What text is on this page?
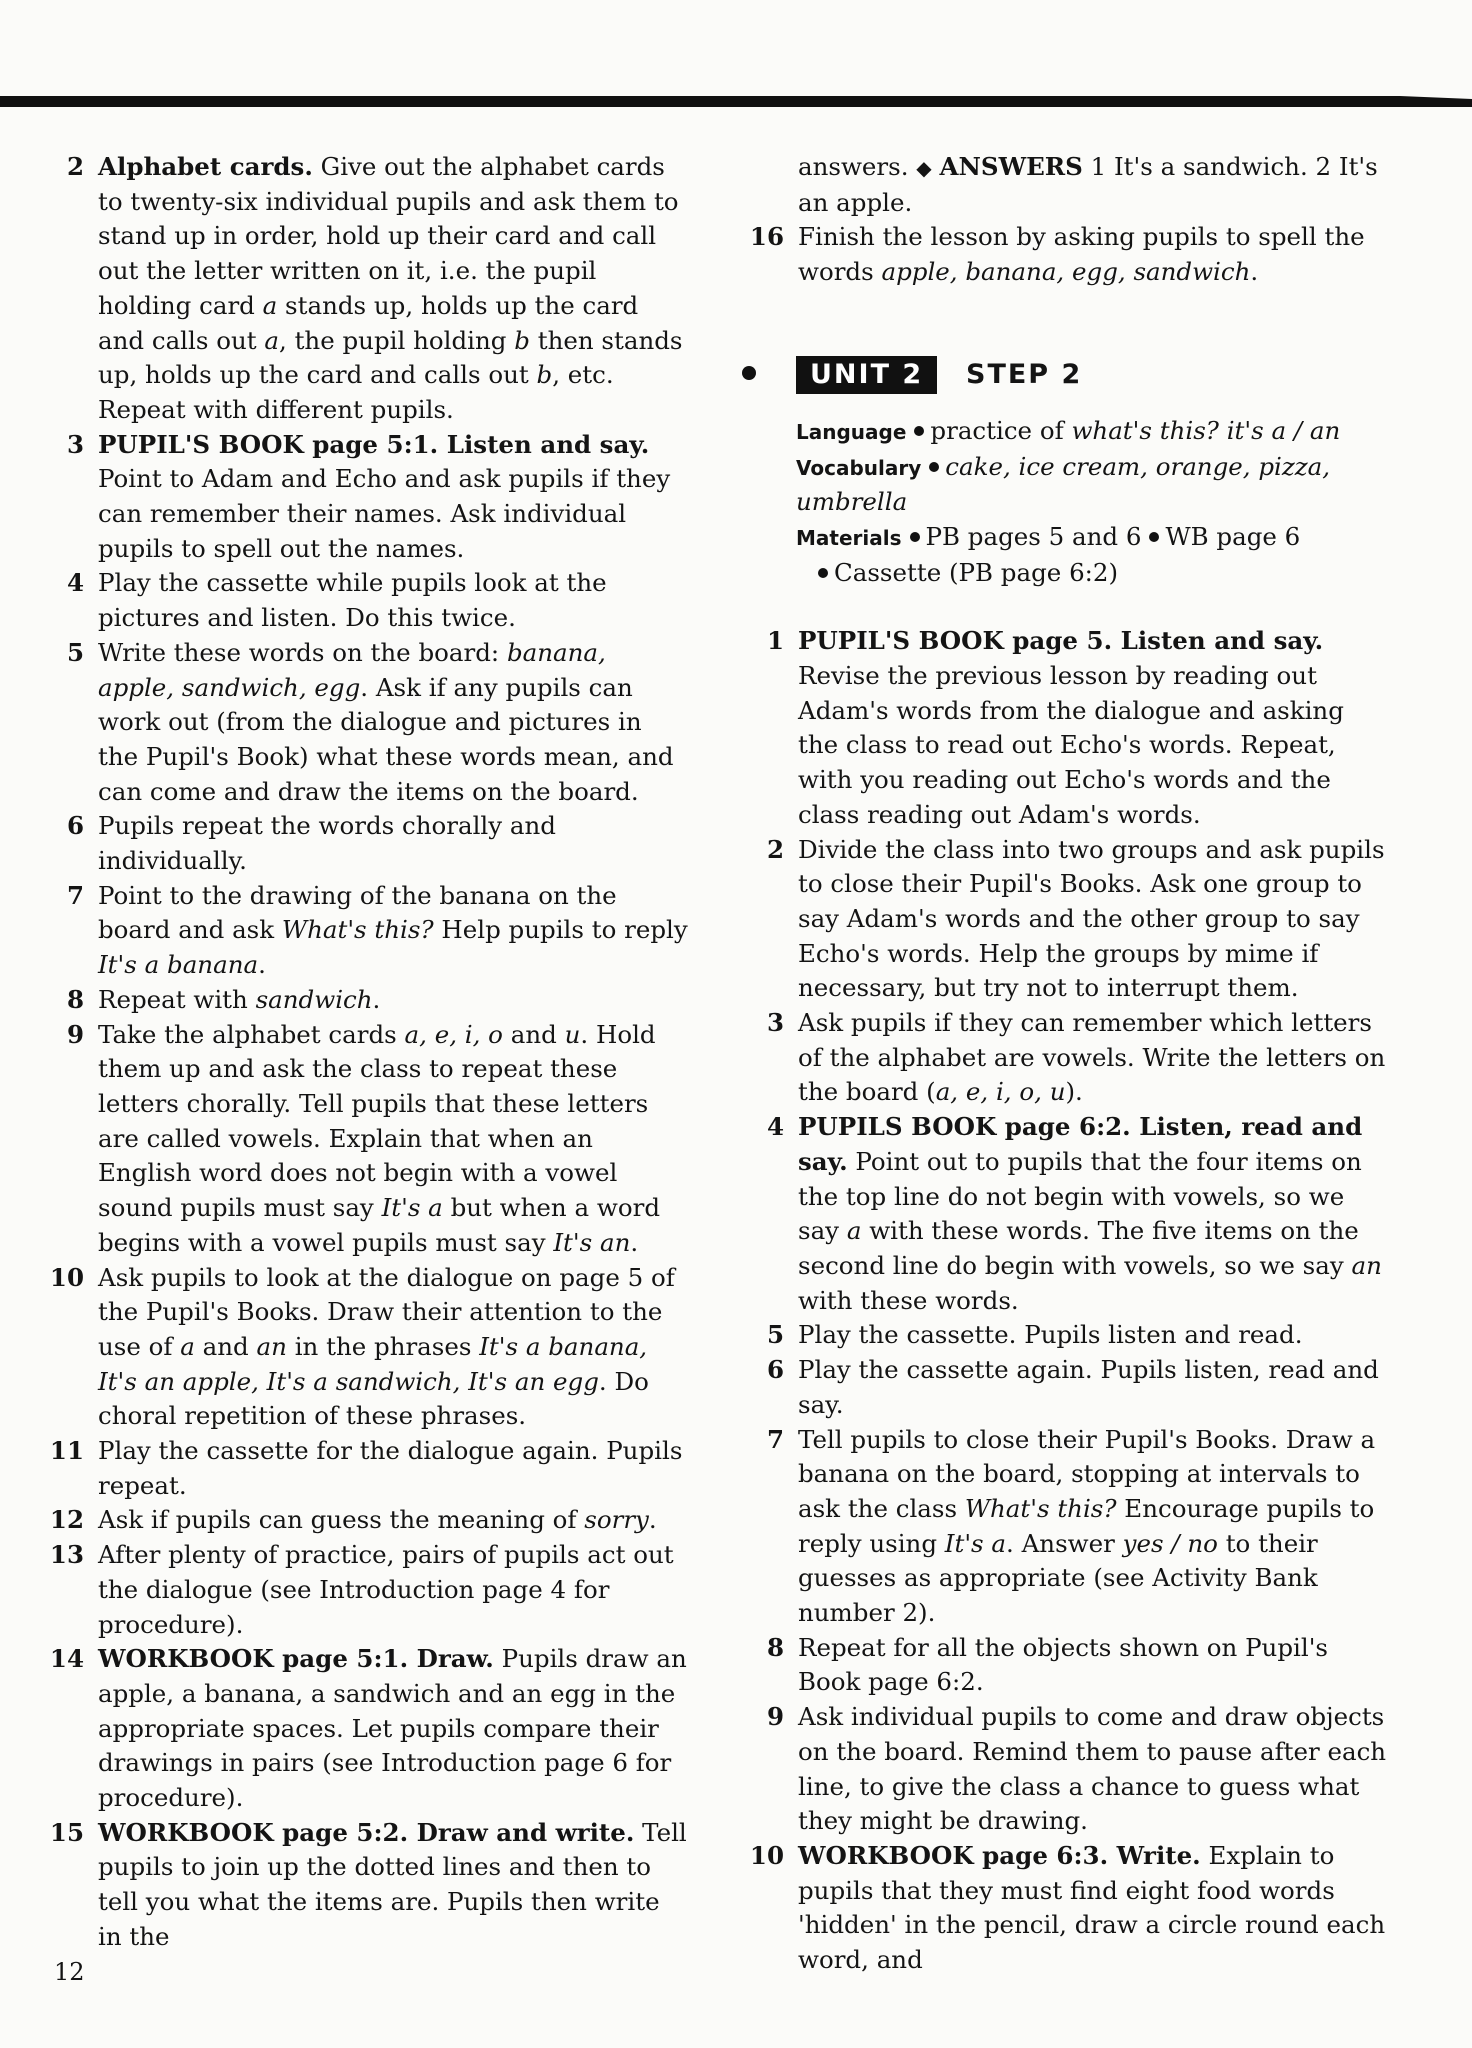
2 Alphabet cards. Give out the alphabet cards to twenty-six individual pupils and ask them to stand up in order, hold up their card and call out the letter written on it, i.e. the pupil holding card a stands up, holds up the card and calls out a, the pupil holding b then stands up, holds up the card and calls out b, etc. Repeat with different pupils.
3 PUPIL'S BOOK page 5:1. Listen and say. Point to Adam and Echo and ask pupils if they can remember their names. Ask individual pupils to spell out the names.
4 Play the cassette while pupils look at the pictures and listen. Do this twice.
5 Write these words on the board: banana, apple, sandwich, egg. Ask if any pupils can work out (from the dialogue and pictures in the Pupil's Book) what these words mean, and can come and draw the items on the board.
6 Pupils repeat the words chorally and individually.
7 Point to the drawing of the banana on the board and ask What's this? Help pupils to reply It's a banana.
8 Repeat with sandwich.
9 Take the alphabet cards a, e, i, o and u. Hold them up and ask the class to repeat these letters chorally. Tell pupils that these letters are called vowels. Explain that when an English word does not begin with a vowel sound pupils must say It's a but when a word begins with a vowel pupils must say It's an.
10 Ask pupils to look at the dialogue on page 5 of the Pupil's Books. Draw their attention to the use of a and an in the phrases It's a banana, It's an apple, It's a sandwich, It's an egg. Do choral repetition of these phrases.
11 Play the cassette for the dialogue again. Pupils repeat.
12 Ask if pupils can guess the meaning of sorry.
13 After plenty of practice, pairs of pupils act out the dialogue (see Introduction page 4 for procedure).
14 WORKBOOK page 5:1. Draw. Pupils draw an apple, a banana, a sandwich and an egg in the appropriate spaces. Let pupils compare their drawings in pairs (see Introduction page 6 for procedure).
15 WORKBOOK page 5:2. Draw and write. Tell pupils to join up the dotted lines and then to tell you what the items are. Pupils then write in the
answers. ◆ ANSWERS 1 It's a sandwich. 2 It's an apple.
16 Finish the lesson by asking pupils to spell the words apple, banana, egg, sandwich.
UNIT 2	STEP 2
Language practice of what's this? it's a / an
Vocabulary cake, ice cream, orange, pizza, umbrella
Materials PB pages 5 and 6 WB page 6
Cassette (PB page 6:2)
1 PUPIL'S BOOK page 5. Listen and say. Revise the previous lesson by reading out Adam's words from the dialogue and asking the class to read out Echo's words. Repeat, with you reading out Echo's words and the class reading out Adam's words.
2 Divide the class into two groups and ask pupils to close their Pupil's Books. Ask one group to say Adam's words and the other group to say Echo's words. Help the groups by mime if necessary, but try not to interrupt them.
3 Ask pupils if they can remember which letters of the alphabet are vowels. Write the letters on the board (a, e, i, o, u).
4 PUPILS BOOK page 6:2. Listen, read and say. Point out to pupils that the four items on the top line do not begin with vowels, so we say a with these words. The five items on the second line do begin with vowels, so we say an with these words.
5 Play the cassette. Pupils listen and read.
6 Play the cassette again. Pupils listen, read and say.
7 Tell pupils to close their Pupil's Books. Draw a banana on the board, stopping at intervals to ask the class What's this? Encourage pupils to reply using It's a. Answer yes / no to their guesses as appropriate (see Activity Bank number 2).
8 Repeat for all the objects shown on Pupil's Book page 6:2.
9 Ask individual pupils to come and draw objects on the board. Remind them to pause after each line, to give the class a chance to guess what they might be drawing.
10 WORKBOOK page 6:3. Write. Explain to pupils that they must find eight food words 'hidden' in the pencil, draw a circle round each word, and
12
